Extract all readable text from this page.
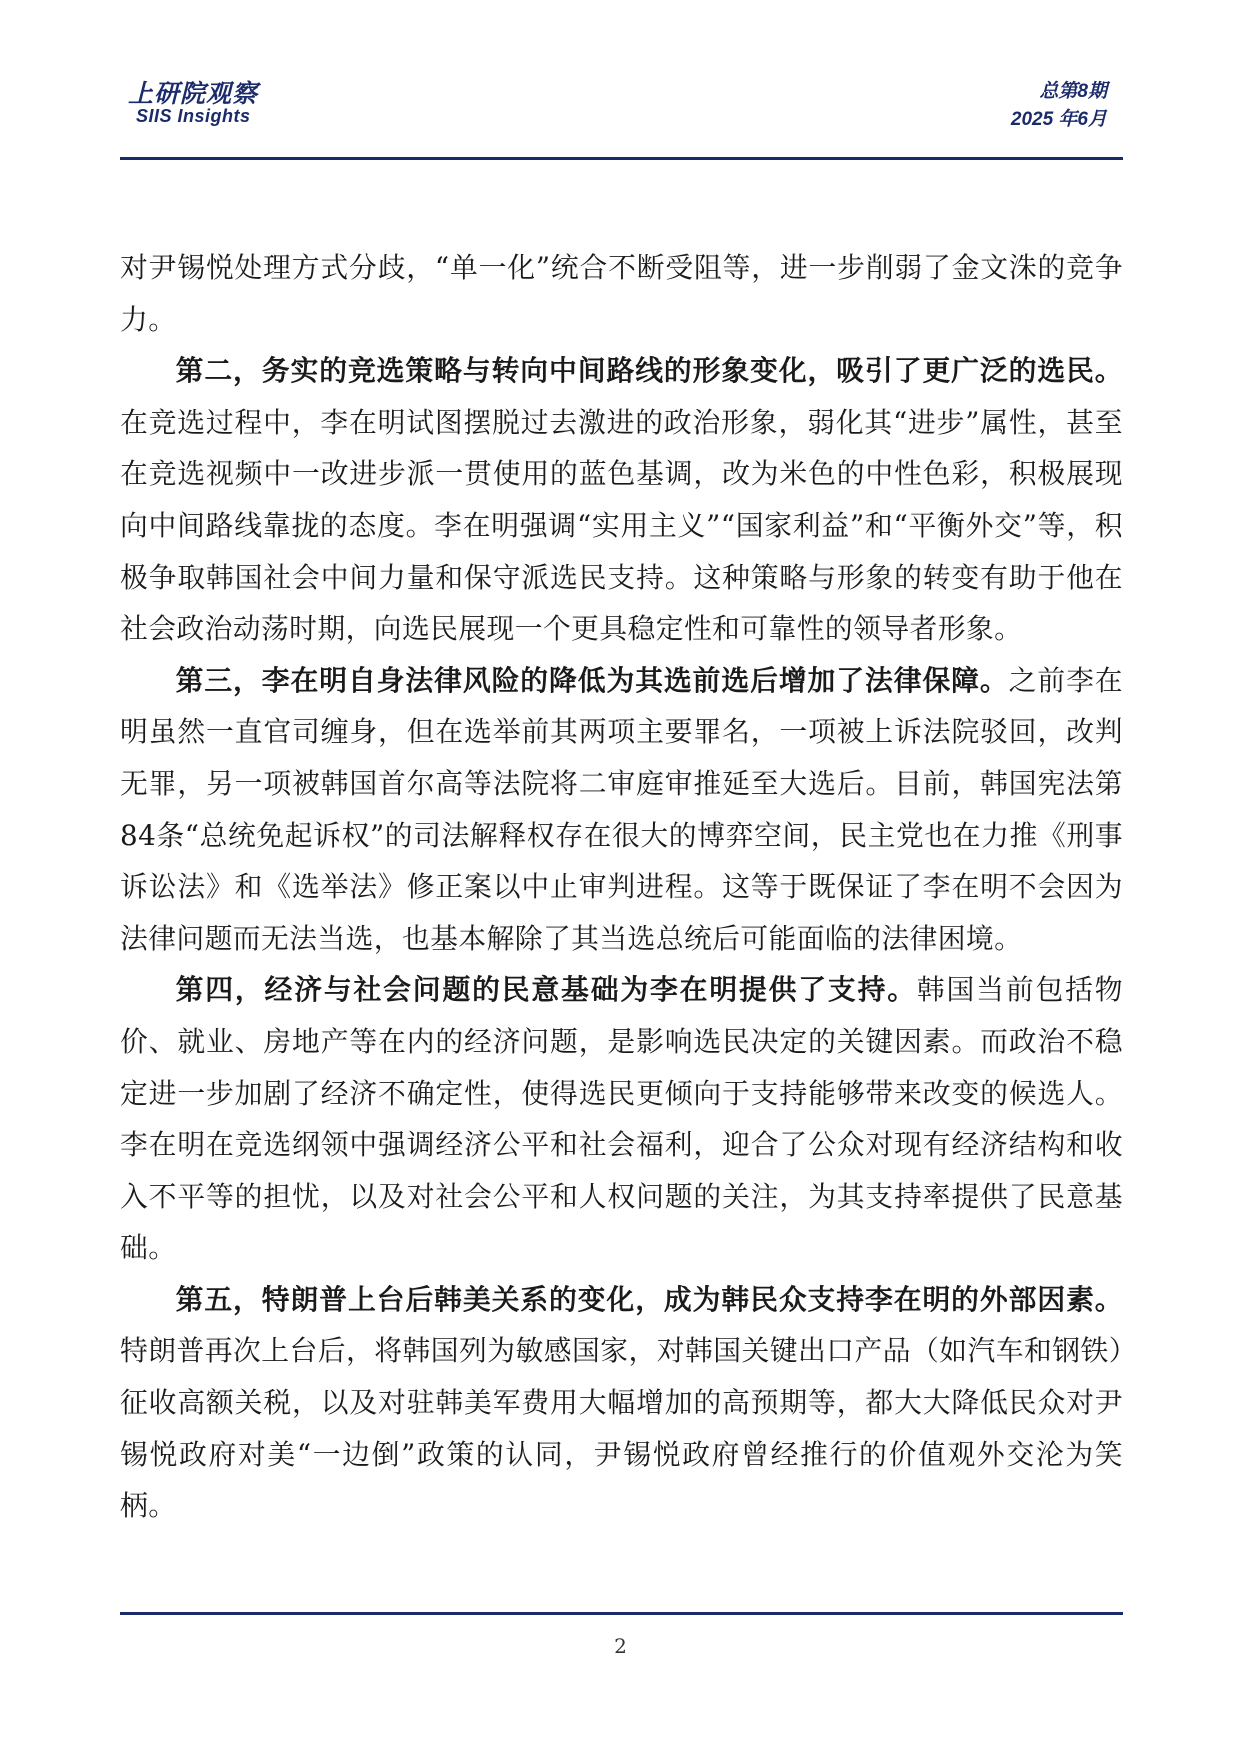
上研院观察
SIIS Insights
总第8期
2025 年6月

对尹锡悦处理方式分歧，“单一化”统合不断受阻等，进一步削弱了金文洙的竞争力。

第二，务实的竞选策略与转向中间路线的形象变化，吸引了更广泛的选民。在竞选过程中，李在明试图摆脱过去激进的政治形象，弱化其“进步”属性，甚至在竞选视频中一改进步派一贯使用的蓝色基调，改为米色的中性色彩，积极展现向中间路线靠拢的态度。李在明强调“实用主义”“国家利益”和“平衡外交”等，积极争取韩国社会中间力量和保守派选民支持。这种策略与形象的转变有助于他在社会政治动荡时期，向选民展现一个更具稳定性和可靠性的领导者形象。

第三，李在明自身法律风险的降低为其选前选后增加了法律保障。之前李在明虽然一直官司缠身，但在选举前其两项主要罪名，一项被上诉法院驳回，改判无罪，另一项被韩国首尔高等法院将二审庭审推延至大选后。目前，韩国宪法第84条“总统免起诉权”的司法解释权存在很大的博弈空间，民主党也在力推《刑事诉讼法》和《选举法》修正案以中止审判进程。这等于既保证了李在明不会因为法律问题而无法当选，也基本解除了其当选总统后可能面临的法律困境。

第四，经济与社会问题的民意基础为李在明提供了支持。韩国当前包括物价、就业、房地产等在内的经济问题，是影响选民决定的关键因素。而政治不稳定进一步加剧了经济不确定性，使得选民更倾向于支持能够带来改变的候选人。李在明在竞选纲领中强调经济公平和社会福利，迎合了公众对现有经济结构和收入不平等的担忧，以及对社会公平和人权问题的关注，为其支持率提供了民意基础。

第五，特朗普上台后韩美关系的变化，成为韩民众支持李在明的外部因素。特朗普再次上台后，将韩国列为敏感国家，对韩国关键出口产品（如汽车和钢铁）征收高额关税，以及对驻韩美军费用大幅增加的高预期等，都大大降低民众对尹锡悦政府对美“一边倒”政策的认同，尹锡悦政府曾经推行的价值观外交沦为笑柄。

2
